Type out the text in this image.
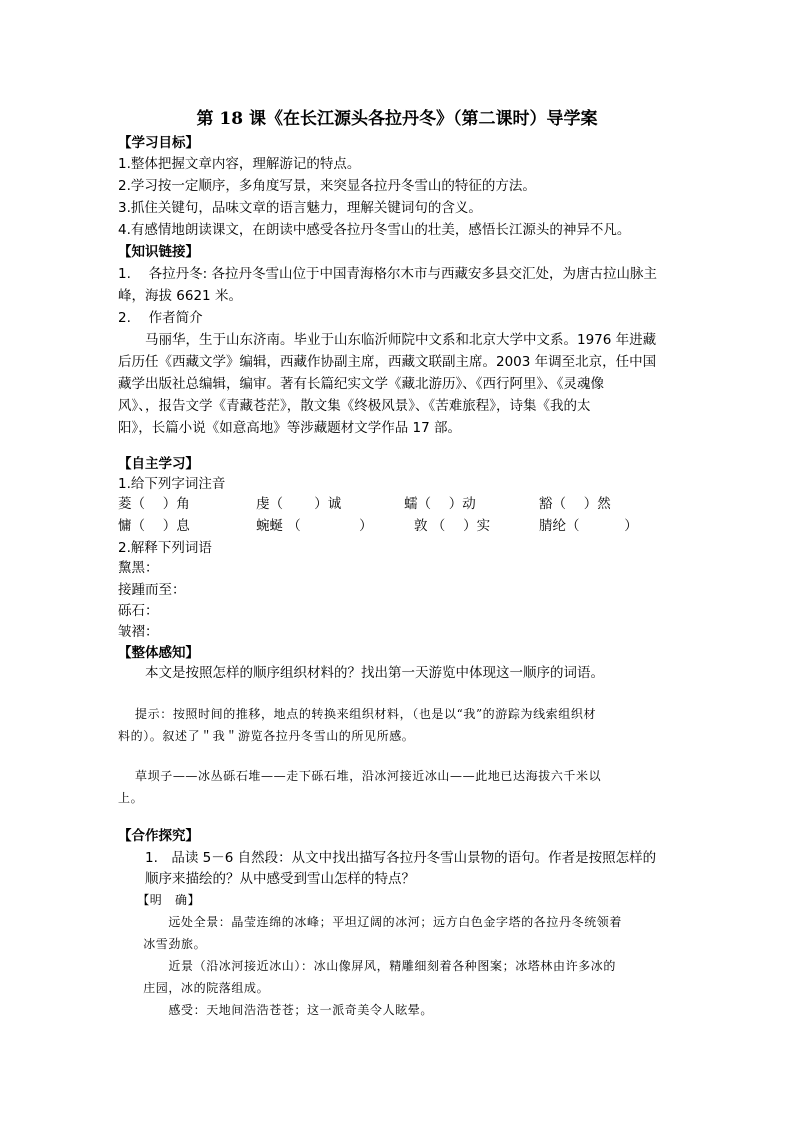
第 18 课《在长江源头各拉丹冬》（第二课时）导学案
【学习目标】
1.整体把握文章内容，理解游记的特点。
2.学习按一定顺序，多角度写景，来突显各拉丹冬雪山的特征的方法。
3.抓住关键句，品味文章的语言魅力，理解关键词句的含义。
4.有感情地朗读课文，在朗读中感受各拉丹冬雪山的壮美，感悟长江源头的神异不凡。
【知识链接】
1.　 各拉丹冬: 各拉丹冬雪山位于中国青海格尔木市与西藏安多县交汇处，为唐古拉山脉主
峰，海拔 6621 米。
2.　 作者简介
　　马丽华，生于山东济南。毕业于山东临沂师院中文系和北京大学中文系。1976 年进藏
后历任《西藏文学》编辑，西藏作协副主席，西藏文联副主席。2003 年调至北京，任中国
藏学出版社总编辑，编审。著有长篇纪实文学《藏北游历》、《西行阿里》、《灵魂像
风》、，报告文学《青藏苍茫》，散文集《终极风景》、《苦难旅程》，诗集《我的太
阳》，长篇小说《如意高地》等涉藏题材文学作品 17 部。
【自主学习】
1.给下列字词注音
菱（　 ）角	虔（　　 ）诚	蠕（　 ）动	豁（　 ）然
慵（　 ）息	蜿蜒 （　　　　 ）	敦 （　 ）实	腈纶（　　　 ）
2.解释下列词语
黧黑：
接踵而至：
砾石：
皱褶：
【整体感知】
　　本文是按照怎样的顺序组织材料的？找出第一天游览中体现这一顺序的词语。
　 提示：按照时间的推移，地点的转换来组织材料，（也是以“我”的游踪为线索组织材
料的）。叙述了＂我＂游览各拉丹冬雪山的所见所感。
　 草坝子——冰丛砾石堆——走下砾石堆，沿冰河接近冰山——此地已达海拔六千米以
上。
【合作探究】
　　1.　品读 5－6 自然段：从文中找出描写各拉丹冬雪山景物的语句。作者是按照怎样的
　　顺序来描绘的？从中感受到雪山怎样的特点？
　　【明　确】
　　　　远处全景：晶莹连绵的冰峰；平坦辽阔的冰河；远方白色金字塔的各拉丹冬统领着
　　冰雪劲旅。
　　　　近景（沿冰河接近冰山）：冰山像屏风，精雕细刻着各种图案；冰塔林由许多冰的
　　庄园，冰的院落组成。
　　　　感受：天地间浩浩苍苍；这一派奇美令人眩晕。
